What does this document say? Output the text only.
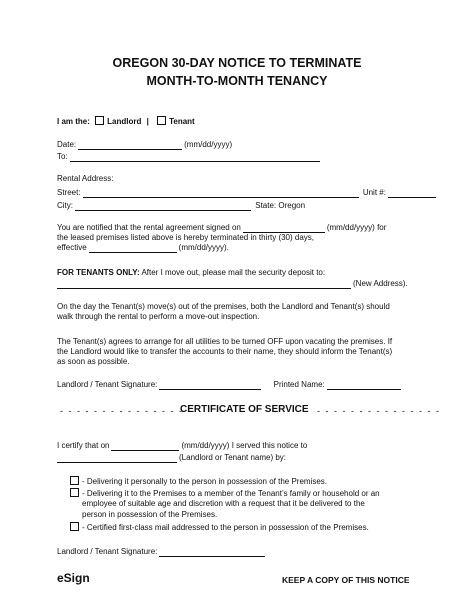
OREGON 30-DAY NOTICE TO TERMINATE
MONTH-TO-MONTH TENANCY
I am the: Landlord |	Tenant
Date:	(mm/dd/yyyy)
To:
Rental Address:
Street:	Unit #:
City:	State: Oregon
You are notified that the rental agreement signed on	(mm/dd/yyyy) for
the leased premises listed above is hereby terminated in thirty (30) days,
effective	(mm/dd/yyyy).
FOR TENANTS ONLY: After I move out, please mail the security deposit to:
(New Address).
On the day the Tenant(s) move(s) out of the premises, both the Landlord and Tenant(s) should
walk through the rental to perform a move-out inspection.
The Tenant(s) agrees to arrange for all utilities to be turned OFF upon vacating the premises. If
the Landlord would like to transfer the accounts to their name, they should inform the Tenant(s)
as soon as possible.
Landlord / Tenant Signature:	Printed Name:
- - - - - - - - - - - - - - -
CERTIFICATE OF SERVICE - - - - - - - - - - - - - - -
I certify that on	(mm/dd/yyyy) I served this notice to
(Landlord or Tenant name) by:
- Delivering it personally to the person in possession of the Premises.
- Delivering it to the Premises to a member of the Tenant’s family or household or an
employee of suitable age and discretion with a request that it be delivered to the
person in possession of the Premises.
- Certified first-class mail addressed to the person in possession of the Premises.
Landlord / Tenant Signature:
eSign	KEEP A COPY OF THIS NOTICE
